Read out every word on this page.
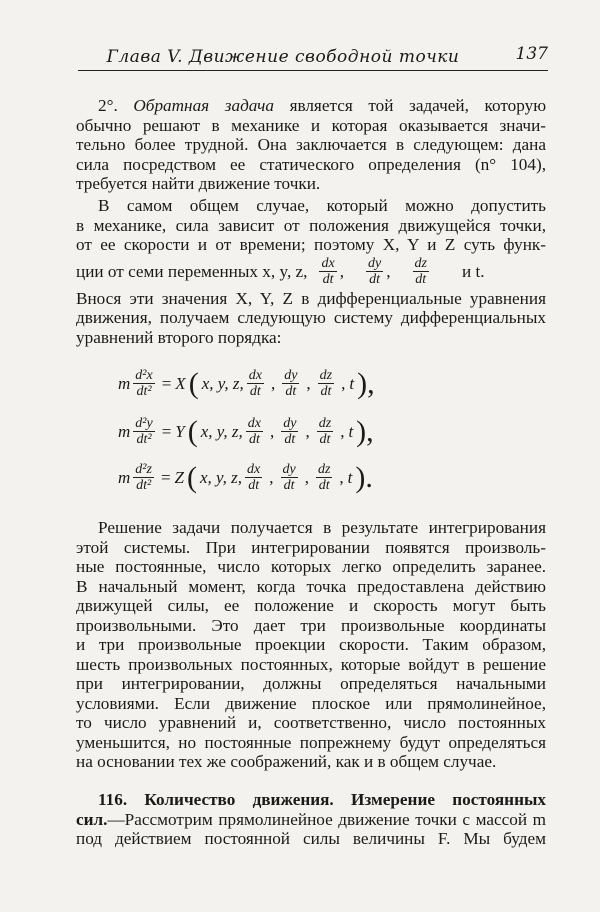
Глава V. Движение свободной точки	137
2°. Обратная задача является той задачей, которую
обычно решают в механике и которая оказывается значи-
тельно более трудной. Она заключается в следующем: дана
сила посредством ее статического определения (n° 104),
требуется найти движение точки.
В самом общем случае, который можно допустить
в механике, сила зависит от положения движущейся точки,
от ее скорости и от времени; поэтому X, Y и Z суть функ-
ции от семи переменных x, y, z, $\frac{dx}{dt}$ , $\frac{dy}{dt}$ , $\frac{dz}{dt}$ и t.
Внося эти значения X, Y, Z в дифференциальные уравнения
движения, получаем следующую систему дифференциальных
уравнений второго порядка:
m $\frac{\text{d²x}}{\text{dt²}} = X$ ( x, y, z, $\frac{dx}{dt}$ , $\frac{dy}{dt}$ , $\frac{dz}{dt}$ , t ),
m $\frac{\text{d²y}}{\text{dt²}} = Y$ ( x, y, z, $\frac{dx}{dt}$ , $\frac{dy}{dt}$ , $\frac{dz}{dt}$ , t ),
m $\frac{\text{d²z}}{\text{dt²}} = Z$ ( x, y, z, $\frac{dx}{dt}$ , $\frac{dy}{dt}$ , $\frac{dz}{dt}$ , t ).
Решение задачи получается в результате интегрирования
этой системы. При интегрировании появятся произволь-
ные постоянные, число которых легко определить заранее.
В начальный момент, когда точка предоставлена действию
движущей силы, ее положение и скорость могут быть
произвольными. Это дает три произвольные координаты
и три произвольные проекции скорости. Таким образом,
шесть произвольных постоянных, которые войдут в решение
при интегрировании, должны определяться начальными
условиями. Если движение плоское или прямолинейное,
то число уравнений и, соответственно, число постоянных
уменьшится, но постоянные попрежнему будут определяться
на основании тех же соображений, как и в общем случае.
116. Количество движения. Измерение постоянных
сил.—Рассмотрим прямолинейное движение точки с массой m
под действием постоянной силы величины F. Мы будем
